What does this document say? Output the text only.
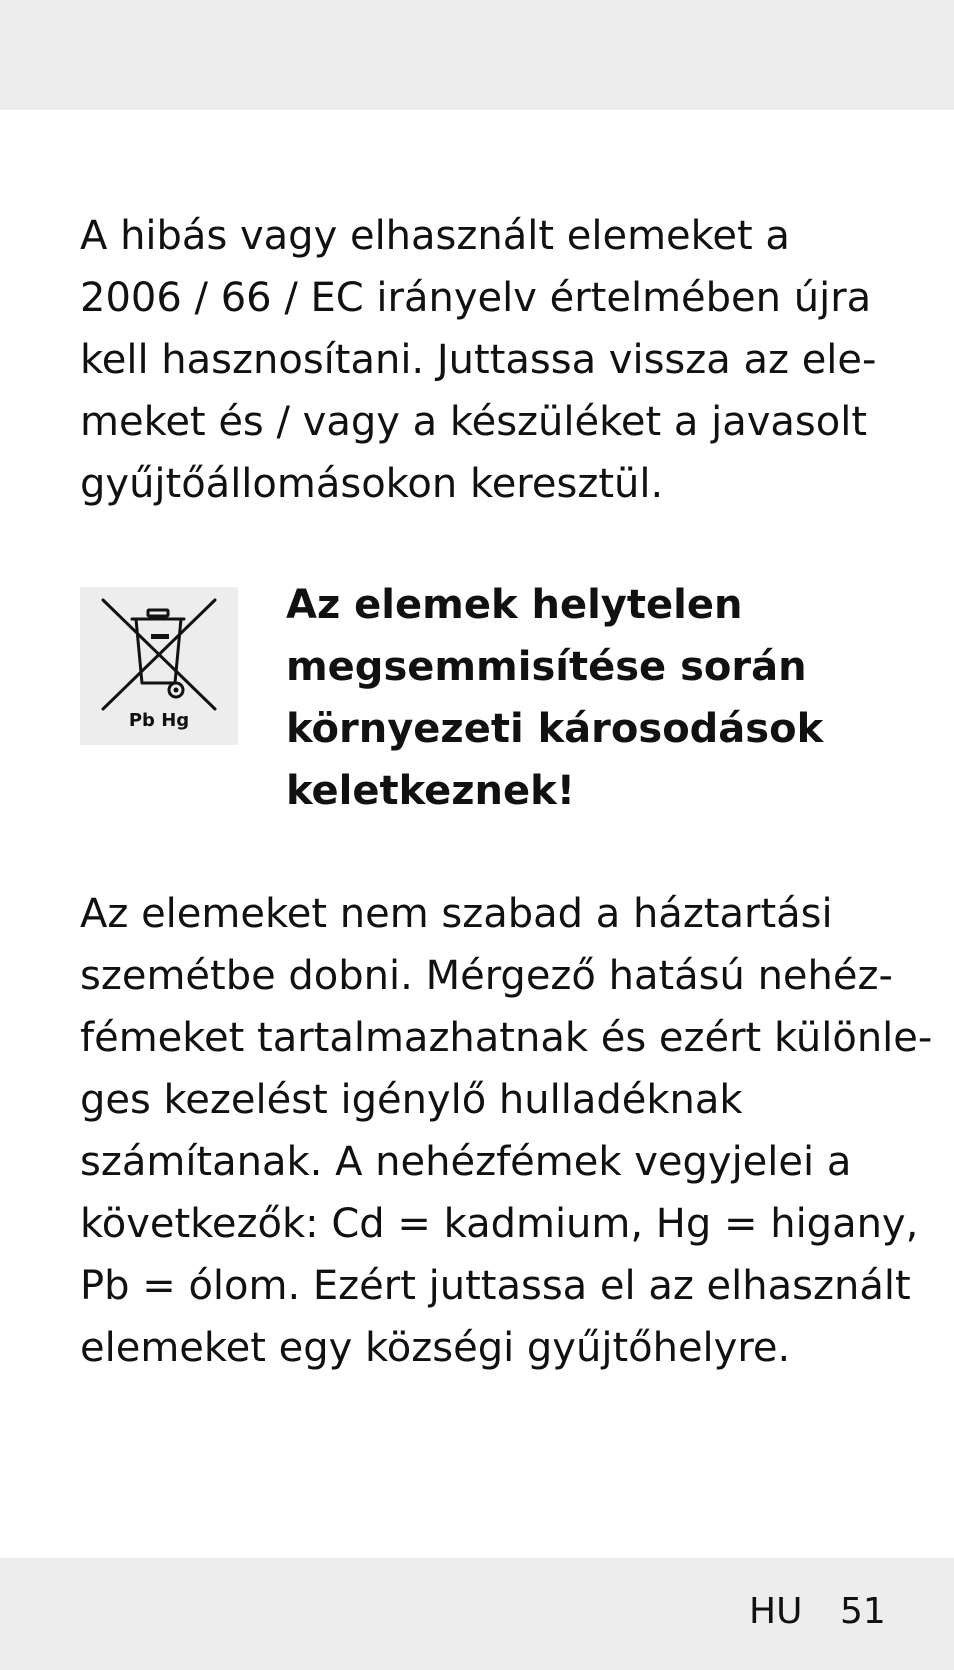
A hibás vagy elhasznált elemeket a
2006 / 66 / EC irányelv értelmében újra
kell hasznosítani. Juttassa vissza az ele-
meket és / vagy a készüléket a javasolt
gyűjtőállomásokon keresztül.

Pb Hg
Az elemek helytelen
megsemmisítése során
környezeti károsodások
keletkeznek!

Az elemeket nem szabad a háztartási
szemétbe dobni. Mérgező hatású nehéz-
fémeket tartalmazhatnak és ezért különle-
ges kezelést igénylő hulladéknak
számítanak. A nehézfémek vegyjelei a
következők: Cd = kadmium, Hg = higany,
Pb = ólom. Ezért juttassa el az elhasznált
elemeket egy községi gyűjtőhelyre.

HU 51
